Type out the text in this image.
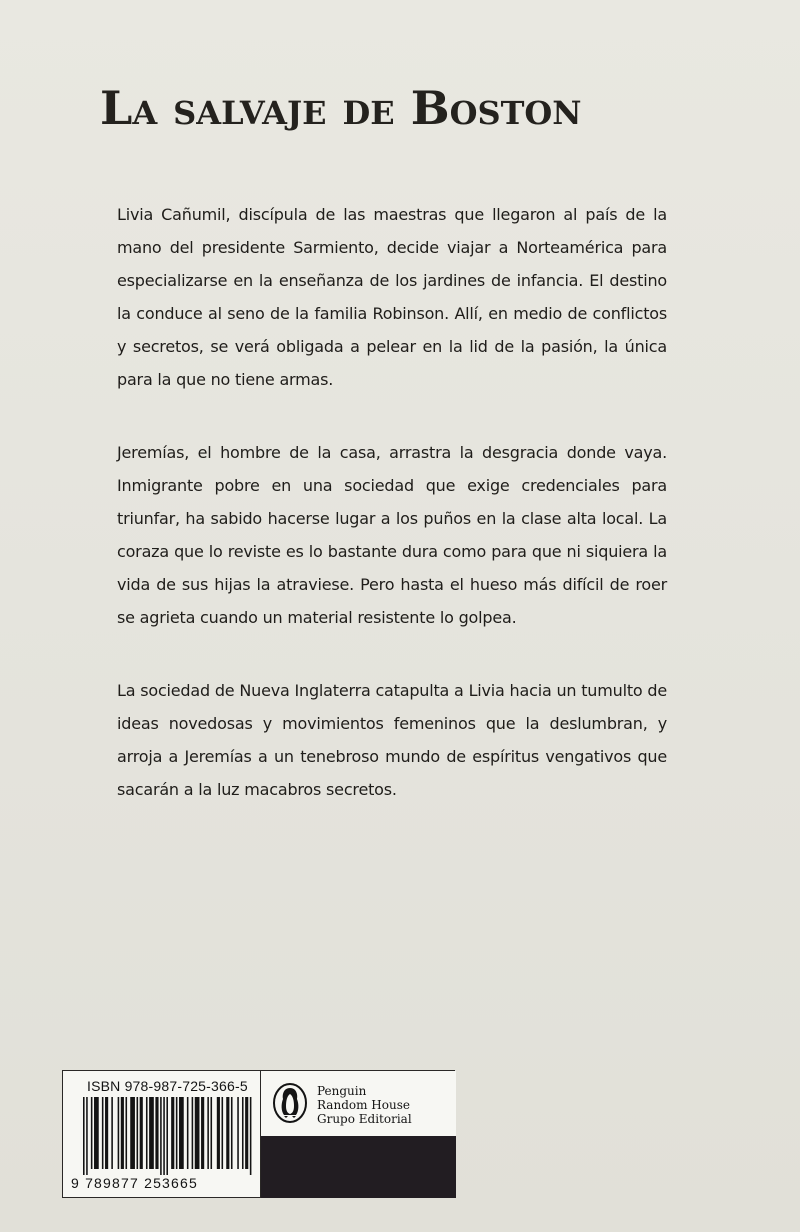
La salvaje de Boston

Livia Cañumil, discípula de las maestras que llegaron al país de la mano del presidente Sarmiento, decide viajar a Norteamérica para especializarse en la enseñanza de los jardines de infancia. El destino la conduce al seno de la familia Robinson. Allí, en medio de conflictos y secretos, se verá obligada a pelear en la lid de la pasión, la única para la que no tiene armas.

Jeremías, el hombre de la casa, arrastra la desgracia donde vaya. Inmigrante pobre en una sociedad que exige credenciales para triunfar, ha sabido hacerse lugar a los puños en la clase alta local. La coraza que lo reviste es lo bastante dura como para que ni siquiera la vida de sus hijas la atraviese. Pero hasta el hueso más difícil de roer se agrieta cuando un material resistente lo golpea.

La sociedad de Nueva Inglaterra catapulta a Livia hacia un tumulto de ideas novedosas y movimientos femeninos que la deslumbran, y arroja a Jeremías a un tenebroso mundo de espíritus vengativos que sacarán a la luz macabros secretos.

ISBN 978-987-725-366-5
9 789877 253665
Penguin
Random House
Grupo Editorial
